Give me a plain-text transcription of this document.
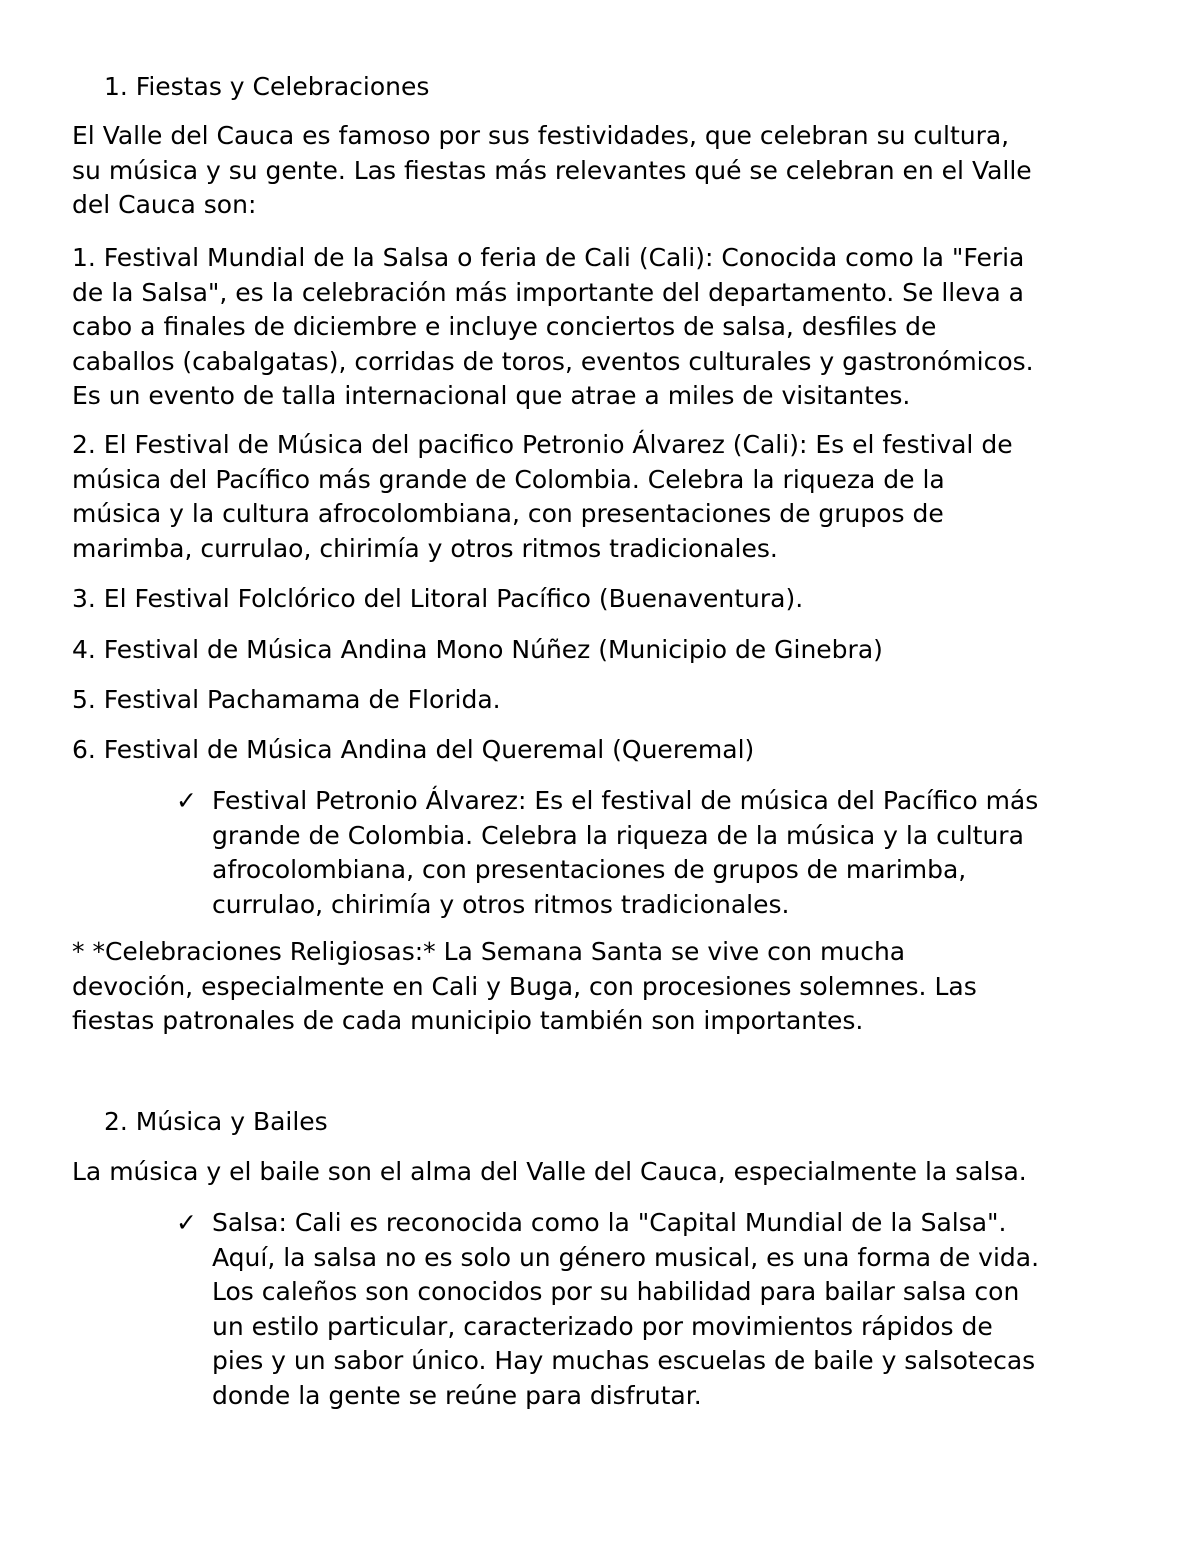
1. Fiestas y Celebraciones

El Valle del Cauca es famoso por sus festividades, que celebran su cultura,
su música y su gente. Las fiestas más relevantes qué se celebran en el Valle
del Cauca son:

1. Festival Mundial de la Salsa o feria de Cali (Cali): Conocida como la "Feria
de la Salsa", es la celebración más importante del departamento. Se lleva a
cabo a finales de diciembre e incluye conciertos de salsa, desfiles de
caballos (cabalgatas), corridas de toros, eventos culturales y gastronómicos.
Es un evento de talla internacional que atrae a miles de visitantes.

2. El Festival de Música del pacifico Petronio Álvarez (Cali): Es el festival de
música del Pacífico más grande de Colombia. Celebra la riqueza de la
música y la cultura afrocolombiana, con presentaciones de grupos de
marimba, currulao, chirimía y otros ritmos tradicionales.

3. El Festival Folclórico del Litoral Pacífico (Buenaventura).

4. Festival de Música Andina Mono Núñez (Municipio de Ginebra)

5. Festival Pachamama de Florida.

6. Festival de Música Andina del Queremal (Queremal)

✓ Festival Petronio Álvarez: Es el festival de música del Pacífico más
grande de Colombia. Celebra la riqueza de la música y la cultura
afrocolombiana, con presentaciones de grupos de marimba,
currulao, chirimía y otros ritmos tradicionales.

* *Celebraciones Religiosas:* La Semana Santa se vive con mucha
devoción, especialmente en Cali y Buga, con procesiones solemnes. Las
fiestas patronales de cada municipio también son importantes.

2. Música y Bailes

La música y el baile son el alma del Valle del Cauca, especialmente la salsa.

✓ Salsa: Cali es reconocida como la "Capital Mundial de la Salsa".
Aquí, la salsa no es solo un género musical, es una forma de vida.
Los caleños son conocidos por su habilidad para bailar salsa con
un estilo particular, caracterizado por movimientos rápidos de
pies y un sabor único. Hay muchas escuelas de baile y salsotecas
donde la gente se reúne para disfrutar.
